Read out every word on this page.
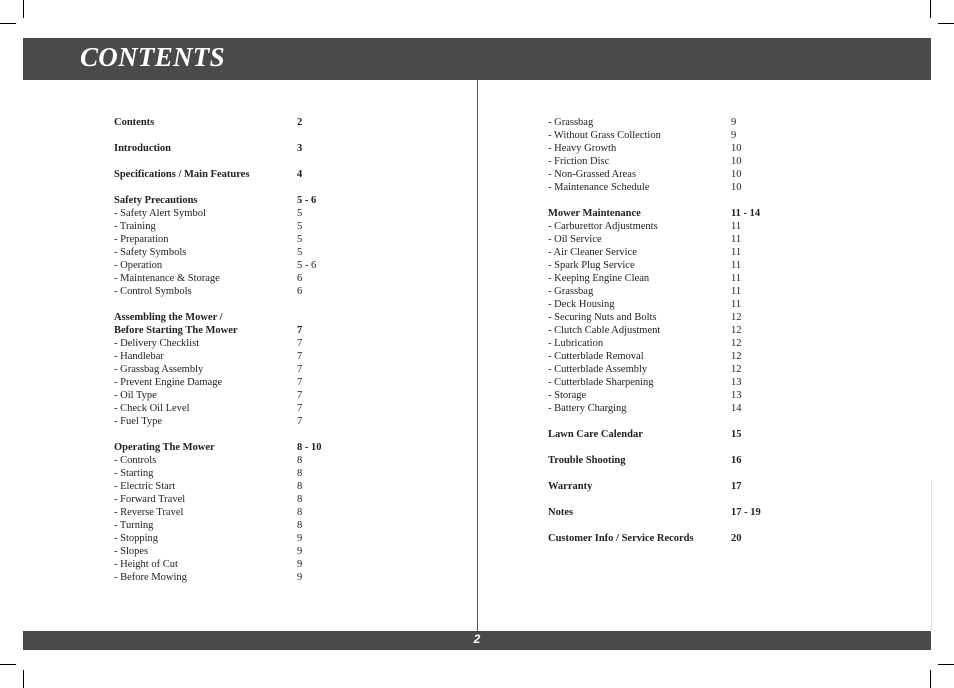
CONTENTS
Contents	2
Introduction	3
Specifications / Main Features	4
Safety Precautions	5 - 6
- Safety Alert Symbol	5
- Training	5
- Preparation	5
- Safety Symbols	5
- Operation	5 - 6
- Maintenance & Storage	6
- Control Symbols	6
Assembling the Mower /
Before Starting The Mower	7
- Delivery Checklist	7
- Handlebar	7
- Grassbag Assembly	7
- Prevent Engine Damage	7
- Oil Type	7
- Check Oil Level	7
- Fuel Type	7
Operating The Mower	8 - 10
- Controls	8
- Starting	8
- Electric Start	8
- Forward Travel	8
- Reverse Travel	8
- Turning	8
- Stopping	9
- Slopes	9
- Height of Cut	9
- Before Mowing	9
- Grassbag	9
- Without Grass Collection	9
- Heavy Growth	10
- Friction Disc	10
- Non-Grassed Areas	10
- Maintenance Schedule	10
Mower Maintenance	11 - 14
- Carburettor Adjustments	11
- Oil Service	11
- Air Cleaner Service	11
- Spark Plug Service	11
- Keeping Engine Clean	11
- Grassbag	11
- Deck Housing	11
- Securing Nuts and Bolts	12
- Clutch Cable Adjustment	12
- Lubrication	12
- Cutterblade Removal	12
- Cutterblade Assembly	12
- Cutterblade Sharpening	13
- Storage	13
- Battery Charging	14
Lawn Care Calendar	15
Trouble Shooting	16
Warranty	17
Notes	17 - 19
Customer Info / Service Records	20
2
